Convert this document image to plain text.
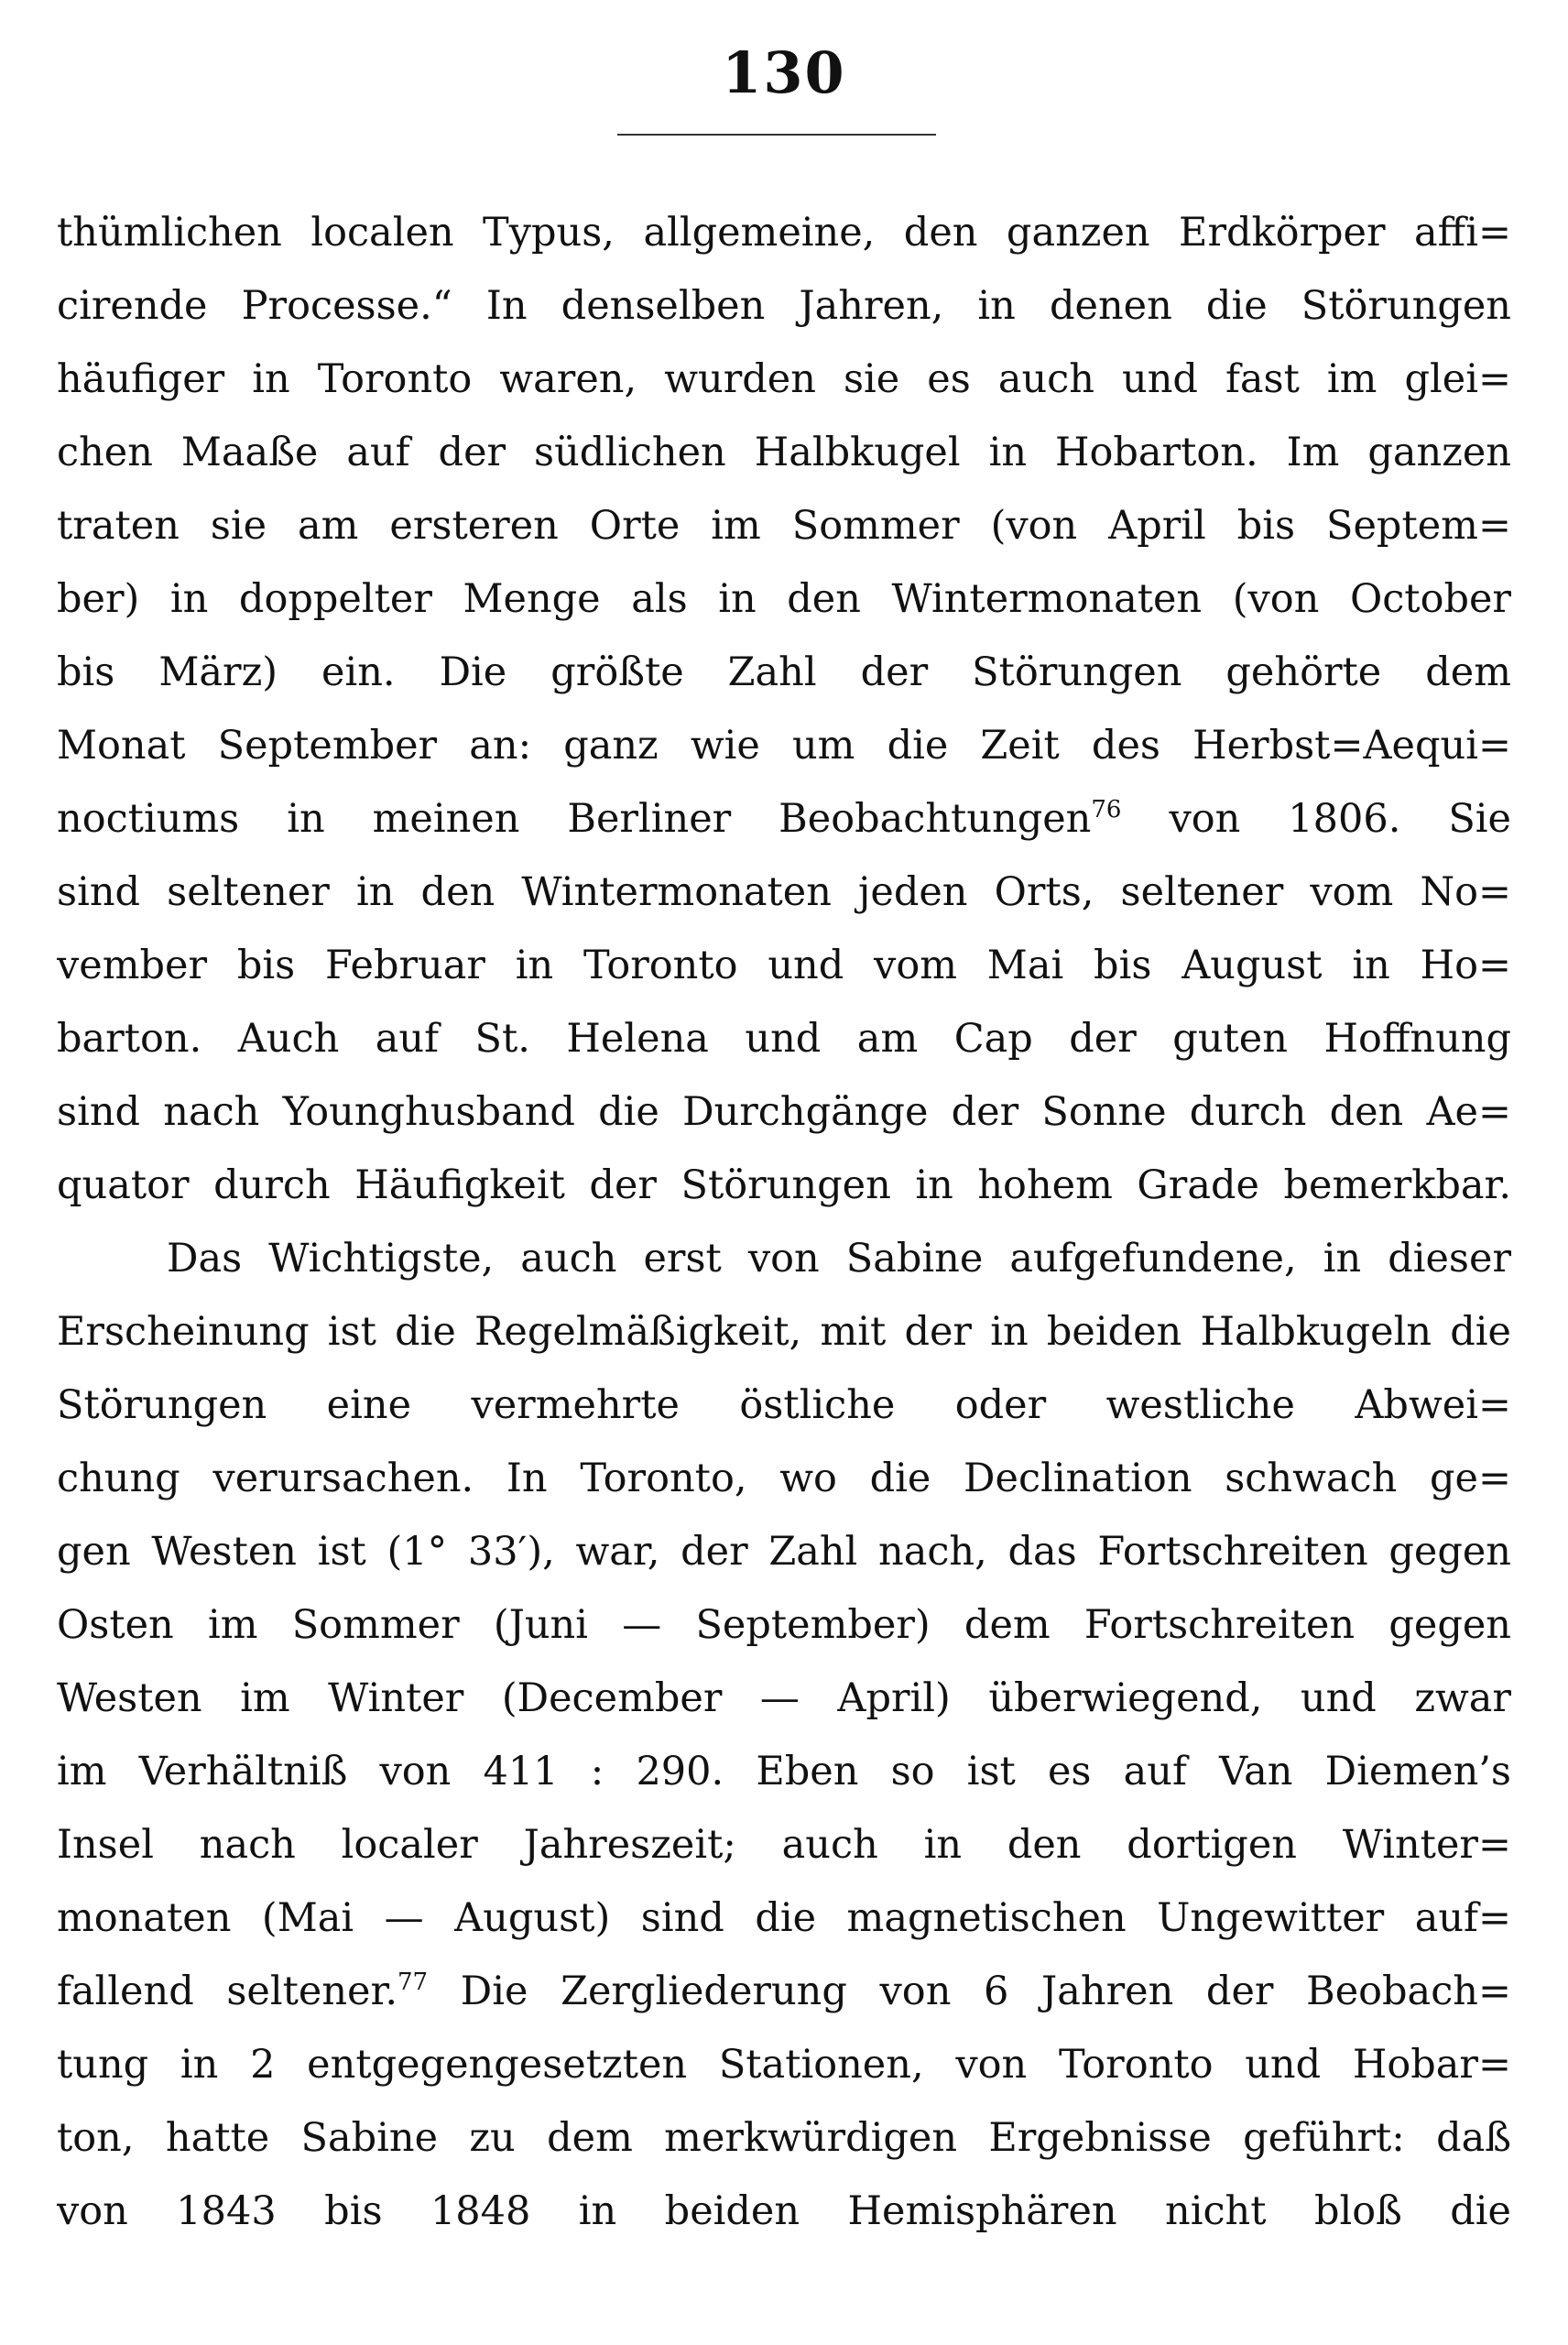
130
thümlichen localen Typus, allgemeine, den ganzen Erdkörper affi=
cirende Processe.“ In denselben Jahren, in denen die Störungen
häufiger in Toronto waren, wurden sie es auch und fast im glei=
chen Maaße auf der südlichen Halbkugel in Hobarton. Im ganzen
traten sie am ersteren Orte im Sommer (von April bis Septem=
ber) in doppelter Menge als in den Wintermonaten (von October
bis März) ein. Die größte Zahl der Störungen gehörte dem
Monat September an: ganz wie um die Zeit des Herbst=Aequi=
noctiums in meinen Berliner Beobachtungen$^{76}$ von 1806. Sie
sind seltener in den Wintermonaten jeden Orts, seltener vom No=
vember bis Februar in Toronto und vom Mai bis August in Ho=
barton. Auch auf St. Helena und am Cap der guten Hoffnung
sind nach Younghusband die Durchgänge der Sonne durch den Ae=
quator durch Häufigkeit der Störungen in hohem Grade bemerkbar.
Das Wichtigste, auch erst von Sabine aufgefundene, in dieser
Erscheinung ist die Regelmäßigkeit, mit der in beiden Halbkugeln die
Störungen eine vermehrte östliche oder westliche Abwei=
chung verursachen. In Toronto, wo die Declination schwach ge=
gen Westen ist (1° 33′), war, der Zahl nach, das Fortschreiten gegen
Osten im Sommer (Juni — September) dem Fortschreiten gegen
Westen im Winter (December — April) überwiegend, und zwar
im Verhältniß von 411 : 290. Eben so ist es auf Van Diemen’s
Insel nach localer Jahreszeit; auch in den dortigen Winter=
monaten (Mai — August) sind die magnetischen Ungewitter auf=
fallend seltener.$^{77}$ Die Zergliederung von 6 Jahren der Beobach=
tung in 2 entgegengesetzten Stationen, von Toronto und Hobar=
ton, hatte Sabine zu dem merkwürdigen Ergebnisse geführt: daß
von 1843 bis 1848 in beiden Hemisphären nicht bloß die
